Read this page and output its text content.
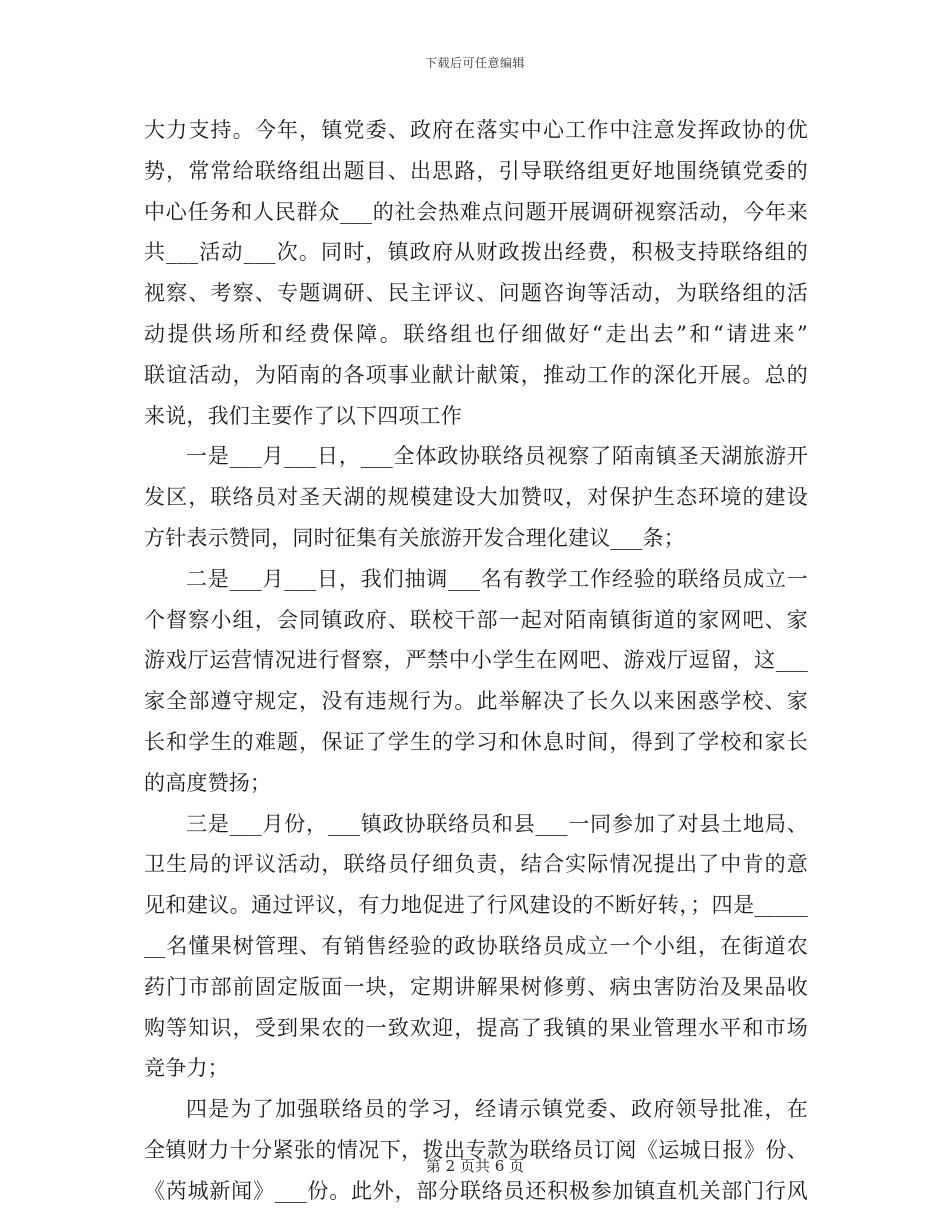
下载后可任意编辑
大力支持。今年，镇党委、政府在落实中心工作中注意发挥政协的优
势，常常给联络组出题目、出思路，引导联络组更好地围绕镇党委的
中心任务和人民群众___的社会热难点问题开展调研视察活动，今年来
共___活动___次。同时，镇政府从财政拨出经费，积极支持联络组的
视察、考察、专题调研、民主评议、问题咨询等活动，为联络组的活
动提供场所和经费保障。联络组也仔细做好“走出去”和“请进来”
联谊活动，为陌南的各项事业献计献策，推动工作的深化开展。总的
来说，我们主要作了以下四项工作
一是___月___日，___全体政协联络员视察了陌南镇圣天湖旅游开
发区，联络员对圣天湖的规模建设大加赞叹，对保护生态环境的建设
方针表示赞同，同时征集有关旅游开发合理化建议___条；
二是___月___日，我们抽调___名有教学工作经验的联络员成立一
个督察小组，会同镇政府、联校干部一起对陌南镇街道的家网吧、家
游戏厅运营情况进行督察，严禁中小学生在网吧、游戏厅逗留，这___
家全部遵守规定，没有违规行为。此举解决了长久以来困惑学校、家
长和学生的难题，保证了学生的学习和休息时间，得到了学校和家长
的高度赞扬；
三是___月份，___镇政协联络员和县___一同参加了对县土地局、
卫生局的评议活动，联络员仔细负责，结合实际情况提出了中肯的意
见和建议。通过评议，有力地促进了行风建设的不断好转，；四是_____
__名懂果树管理、有销售经验的政协联络员成立一个小组，在街道农
药门市部前固定版面一块，定期讲解果树修剪、病虫害防治及果品收
购等知识，受到果农的一致欢迎，提高了我镇的果业管理水平和市场
竞争力；
四是为了加强联络员的学习，经请示镇党委、政府领导批准，在
全镇财力十分紧张的情况下，拨出专款为联络员订阅《运城日报》份、
《芮城新闻》___份。此外，部分联络员还积极参加镇直机关部门行风
第 2 页共 6 页
